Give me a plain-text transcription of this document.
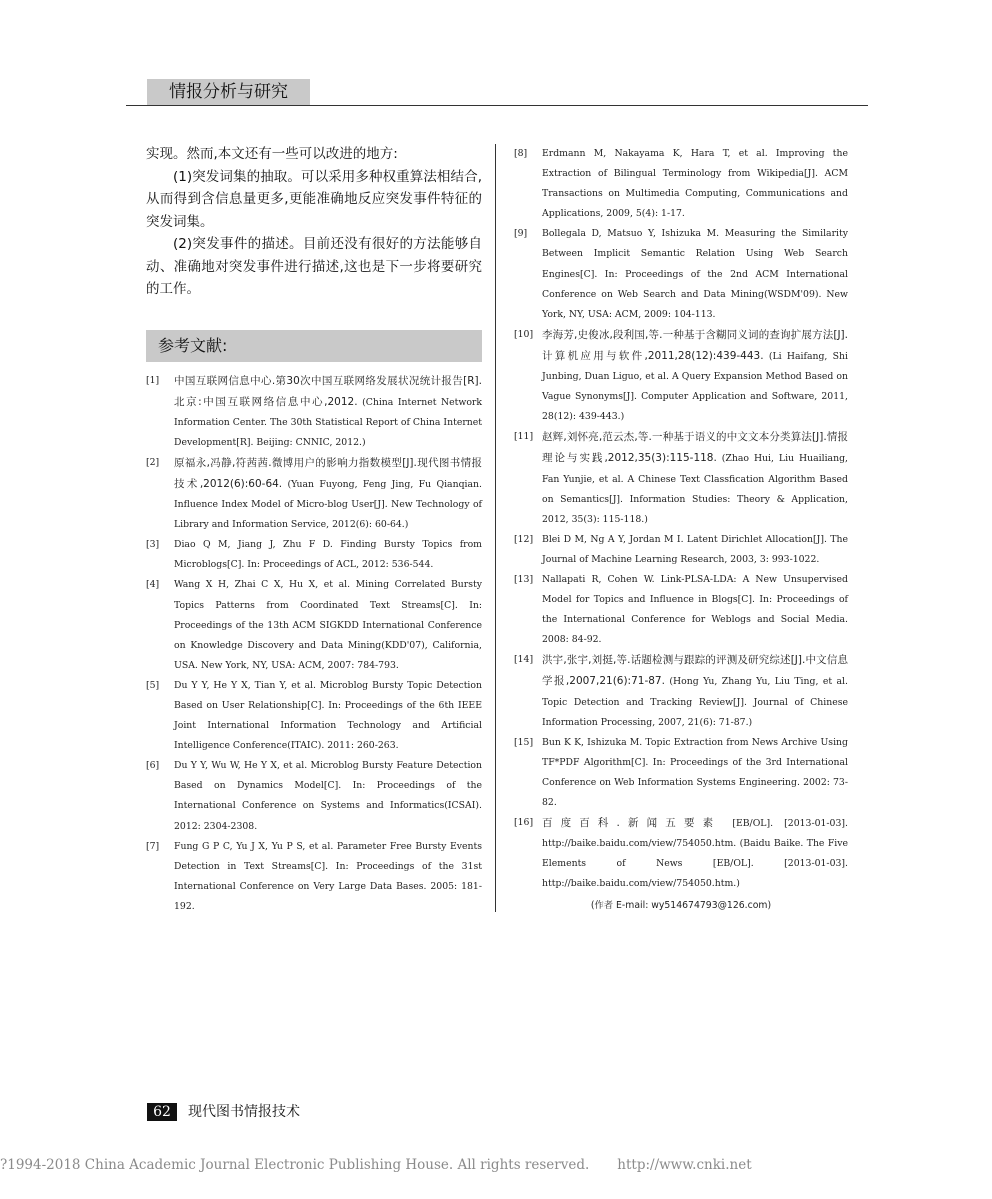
情报分析与研究

实现。然而,本文还有一些可以改进的地方:

(1)突发词集的抽取。可以采用多种权重算法相结合,从而得到含信息量更多,更能准确地反应突发事件特征的突发词集。

(2)突发事件的描述。目前还没有很好的方法能够自动、准确地对突发事件进行描述,这也是下一步将要研究的工作。

参考文献:
[1] 中国互联网信息中心.第30次中国互联网络发展状况统计报告[R].北京:中国互联网络信息中心,2012. (China Internet Network Information Center. The 30th Statistical Report of China Internet Development[R]. Beijing: CNNIC, 2012.)
[2] 原福永,冯静,符茜茜.微博用户的影响力指数模型[J].现代图书情报技术,2012(6):60-64. (Yuan Fuyong, Feng Jing, Fu Qianqian. Influence Index Model of Micro-blog User[J]. New Technology of Library and Information Service, 2012(6): 60-64.)
[3] Diao Q M, Jiang J, Zhu F D. Finding Bursty Topics from Microblogs[C]. In: Proceedings of ACL, 2012: 536-544.
[4] Wang X H, Zhai C X, Hu X, et al. Mining Correlated Bursty Topics Patterns from Coordinated Text Streams[C]. In: Proceedings of the 13th ACM SIGKDD International Conference on Knowledge Discovery and Data Mining(KDD'07), California, USA. New York, NY, USA: ACM, 2007: 784-793.
[5] Du Y Y, He Y X, Tian Y, et al. Microblog Bursty Topic Detection Based on User Relationship[C]. In: Proceedings of the 6th IEEE Joint International Information Technology and Artificial Intelligence Conference(ITAIC). 2011: 260-263.
[6] Du Y Y, Wu W, He Y X, et al. Microblog Bursty Feature Detection Based on Dynamics Model[C]. In: Proceedings of the International Conference on Systems and Informatics(ICSAI). 2012: 2304-2308.
[7] Fung G P C, Yu J X, Yu P S, et al. Parameter Free Bursty Events Detection in Text Streams[C]. In: Proceedings of the 31st International Conference on Very Large Data Bases. 2005: 181-192.
[8] Erdmann M, Nakayama K, Hara T, et al. Improving the Extraction of Bilingual Terminology from Wikipedia[J]. ACM Transactions on Multimedia Computing, Communications and Applications, 2009, 5(4): 1-17.
[9] Bollegala D, Matsuo Y, Ishizuka M. Measuring the Similarity Between Implicit Semantic Relation Using Web Search Engines[C]. In: Proceedings of the 2nd ACM International Conference on Web Search and Data Mining(WSDM'09). New York, NY, USA: ACM, 2009: 104-113.
[10] 李海芳,史俊冰,段利国,等.一种基于含糊同义词的查询扩展方法[J].计算机应用与软件,2011,28(12):439-443. (Li Haifang, Shi Junbing, Duan Liguo, et al. A Query Expansion Method Based on Vague Synonyms[J]. Computer Application and Software, 2011, 28(12): 439-443.)
[11] 赵辉,刘怀亮,范云杰,等.一种基于语义的中文文本分类算法[J].情报理论与实践,2012,35(3):115-118. (Zhao Hui, Liu Huailiang, Fan Yunjie, et al. A Chinese Text Classfication Algorithm Based on Semantics[J]. Information Studies: Theory & Application, 2012, 35(3): 115-118.)
[12] Blei D M, Ng A Y, Jordan M I. Latent Dirichlet Allocation[J]. The Journal of Machine Learning Research, 2003, 3: 993-1022.
[13] Nallapati R, Cohen W. Link-PLSA-LDA: A New Unsupervised Model for Topics and Influence in Blogs[C]. In: Proceedings of the International Conference for Weblogs and Social Media. 2008: 84-92.
[14] 洪宇,张宇,刘挺,等.话题检测与跟踪的评测及研究综述[J].中文信息学报,2007,21(6):71-87. (Hong Yu, Zhang Yu, Liu Ting, et al. Topic Detection and Tracking Review[J]. Journal of Chinese Information Processing, 2007, 21(6): 71-87.)
[15] Bun K K, Ishizuka M. Topic Extraction from News Archive Using TF*PDF Algorithm[C]. In: Proceedings of the 3rd International Conference on Web Information Systems Engineering. 2002: 73-82.
[16] 百度百科.新闻五要素 [EB/OL]. [2013-01-03]. http://baike.baidu.com/view/754050.htm. (Baidu Baike. The Five Elements of News [EB/OL]. [2013-01-03]. http://baike.baidu.com/view/754050.htm.)
(作者 E-mail: wy514674793@126.com)
62	现代图书情报技术
?1994-2018 China Academic Journal Electronic Publishing House. All rights reserved. http://www.cnki.net
